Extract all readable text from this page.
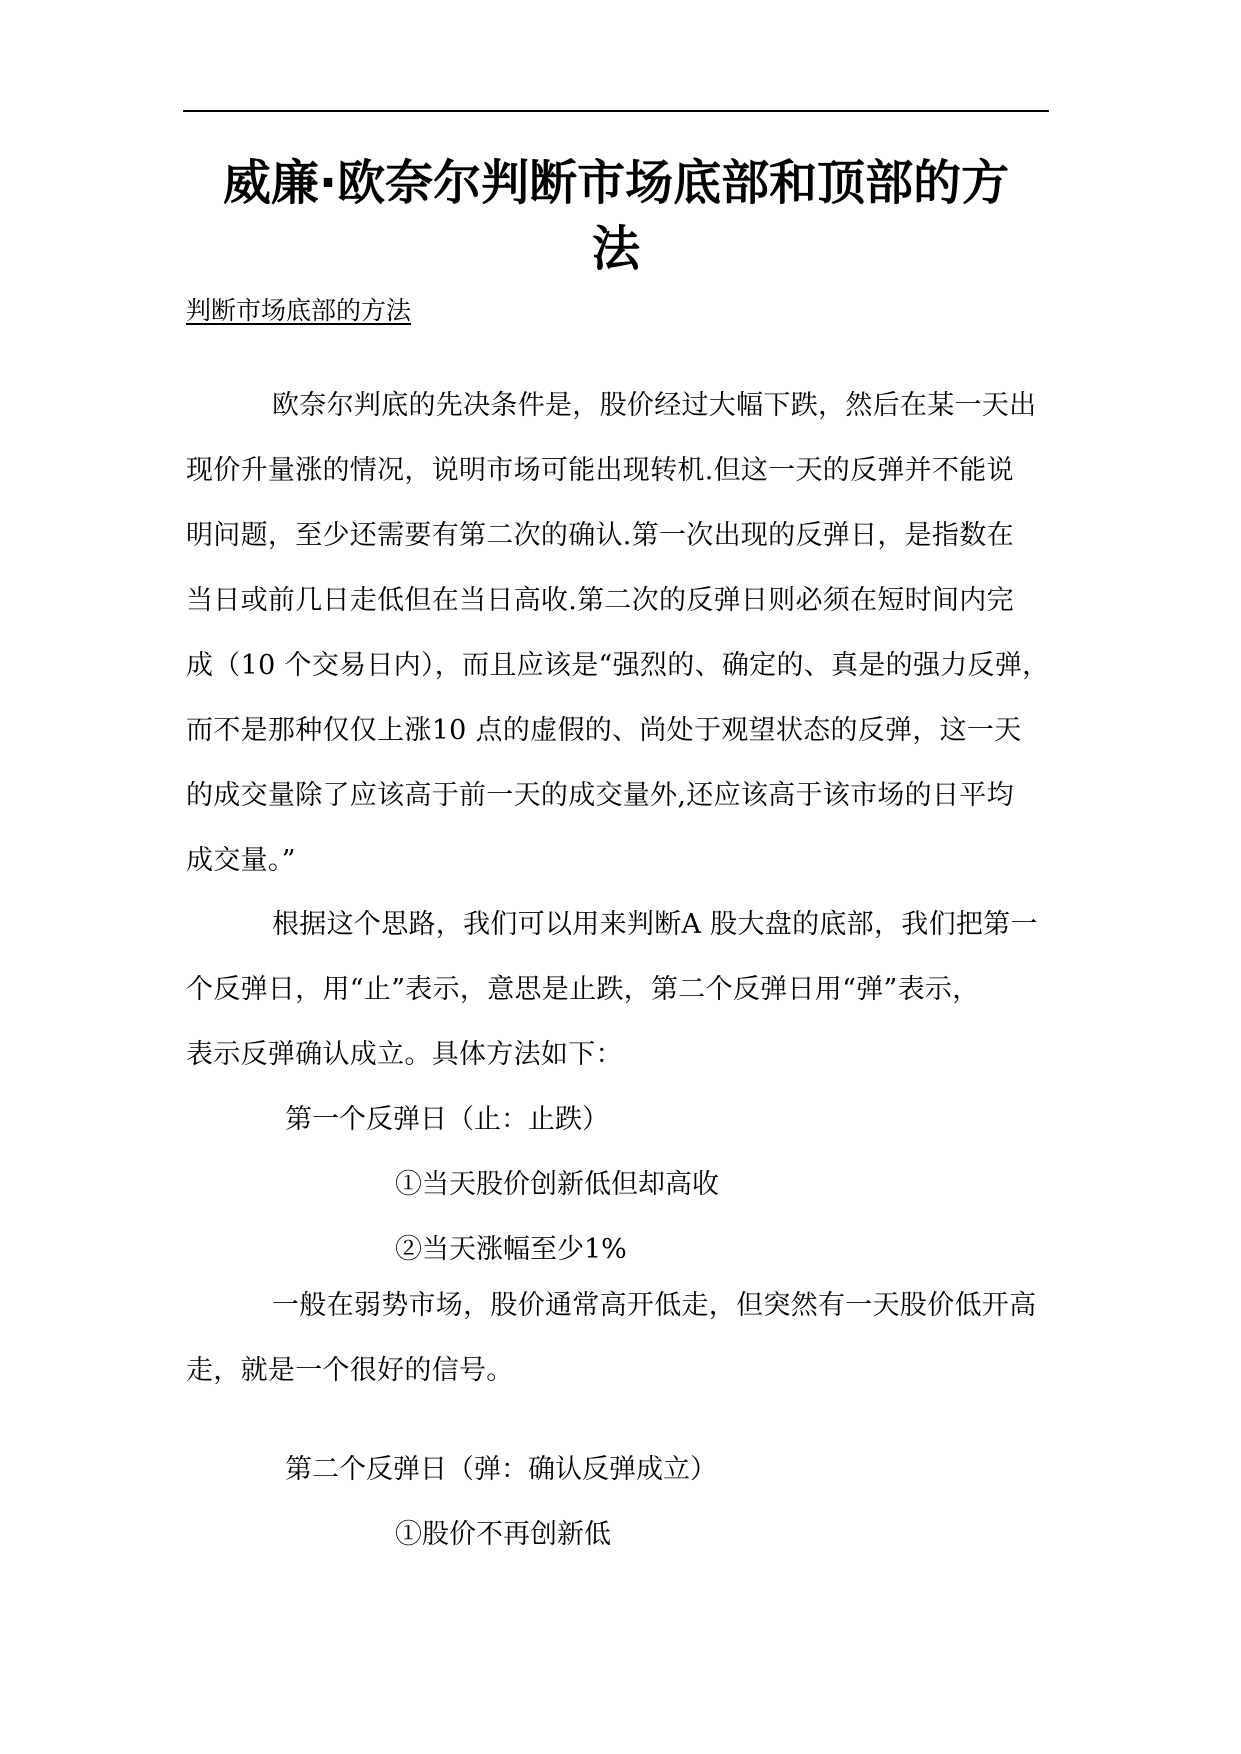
威廉·欧奈尔判断市场底部和顶部的方
法
判断市场底部的方法
欧奈尔判底的先决条件是，股价经过大幅下跌，然后在某一天出
现价升量涨的情况，说明市场可能出现转机.但这一天的反弹并不能说
明问题，至少还需要有第二次的确认.第一次出现的反弹日，是指数在
当日或前几日走低但在当日高收.第二次的反弹日则必须在短时间内完
成（10 个交易日内），而且应该是“强烈的、确定的、真是的强力反弹，
而不是那种仅仅上涨10 点的虚假的、尚处于观望状态的反弹，这一天
的成交量除了应该高于前一天的成交量外,还应该高于该市场的日平均
成交量。”
根据这个思路，我们可以用来判断A 股大盘的底部，我们把第一
个反弹日，用“止”表示，意思是止跌，第二个反弹日用“弹”表示，
表示反弹确认成立。具体方法如下：
第一个反弹日（止：止跌）
①当天股价创新低但却高收
②当天涨幅至少1%
一般在弱势市场，股价通常高开低走，但突然有一天股价低开高
走，就是一个很好的信号。
第二个反弹日（弹：确认反弹成立）
①股价不再创新低
